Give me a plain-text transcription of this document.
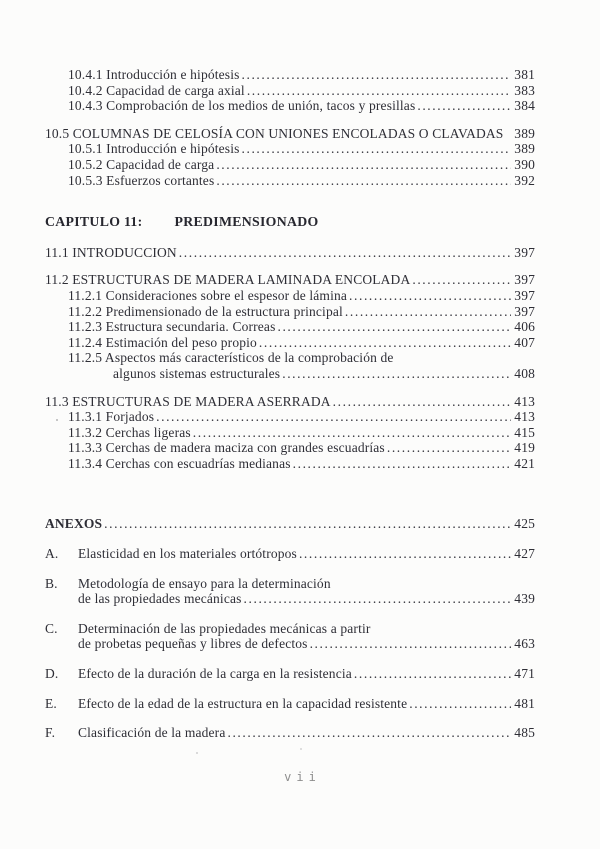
10.4.1 Introducción e hipótesis .....	381
10.4.2 Capacidad de carga axial .....	383
10.4.3 Comprobación de los medios de unión, tacos y presillas .....	384
10.5 COLUMNAS DE CELOSÍA CON UNIONES ENCOLADAS O CLAVADAS 389
10.5.1 Introducción e hipótesis .....	389
10.5.2 Capacidad de carga .....	390
10.5.3 Esfuerzos cortantes .....	392
CAPITULO 11: PREDIMENSIONADO
11.1 INTRODUCCION .....	397
11.2 ESTRUCTURAS DE MADERA LAMINADA ENCOLADA .....	397
11.2.1 Consideraciones sobre el espesor de lámina .....	397
11.2.2 Predimensionado de la estructura principal .....	397
11.2.3 Estructura secundaria. Correas .....	406
11.2.4 Estimación del peso propio .....	407
11.2.5 Aspectos más característicos de la comprobación de
algunos sistemas estructurales .....	408
11.3 ESTRUCTURAS DE MADERA ASERRADA .....	413
11.3.1 Forjados .....	413
11.3.2 Cerchas ligeras .....	415
11.3.3 Cerchas de madera maciza con grandes escuadrías .....	419
11.3.4 Cerchas con escuadrías medianas .....	421
ANEXOS .....	425
A.	Elasticidad en los materiales ortótropos .....	427
B.	Metodología de ensayo para la determinación
de las propiedades mecánicas .....	439
C.	Determinación de las propiedades mecánicas a partir
de probetas pequeñas y libres de defectos .....	463
D.	Efecto de la duración de la carga en la resistencia .....	471
E.	Efecto de la edad de la estructura en la capacidad resistente .....	481
F.	Clasificación de la madera .....	485
vii
